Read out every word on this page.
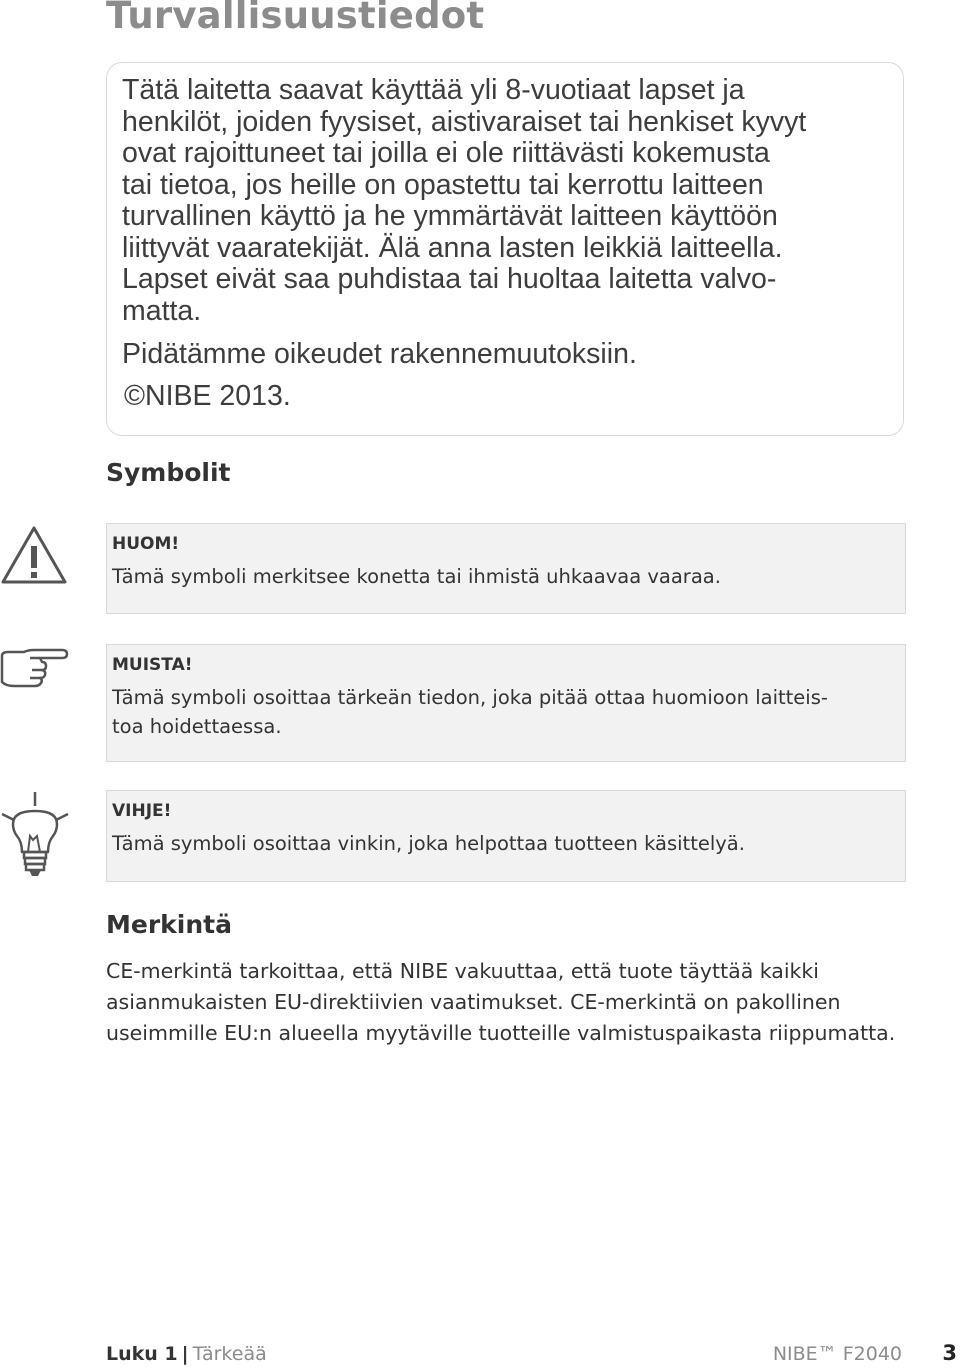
Turvallisuustiedot
Tätä laitetta saavat käyttää yli 8-vuotiaat lapset ja
henkilöt, joiden fyysiset, aistivaraiset tai henkiset kyvyt
ovat rajoittuneet tai joilla ei ole riittävästi kokemusta
tai tietoa, jos heille on opastettu tai kerrottu laitteen
turvallinen käyttö ja he ymmärtävät laitteen käyttöön
liittyvät vaaratekijät. Älä anna lasten leikkiä laitteella.
Lapset eivät saa puhdistaa tai huoltaa laitetta valvo-
matta.
Pidätämme oikeudet rakennemuutoksiin.
©NIBE 2013.
Symbolit
HUOM!
Tämä symboli merkitsee konetta tai ihmistä uhkaavaa vaaraa.
MUISTA!
Tämä symboli osoittaa tärkeän tiedon, joka pitää ottaa huomioon laitteis-
toa hoidettaessa.
VIHJE!
Tämä symboli osoittaa vinkin, joka helpottaa tuotteen käsittelyä.
Merkintä
CE-merkintä tarkoittaa, että NIBE vakuuttaa, että tuote täyttää kaikki
asianmukaisten EU-direktiivien vaatimukset. CE-merkintä on pakollinen
useimmille EU:n alueella myytäville tuotteille valmistuspaikasta riippumatta.
Luku 1 | Tärkeää	NIBE™ F2040 3
